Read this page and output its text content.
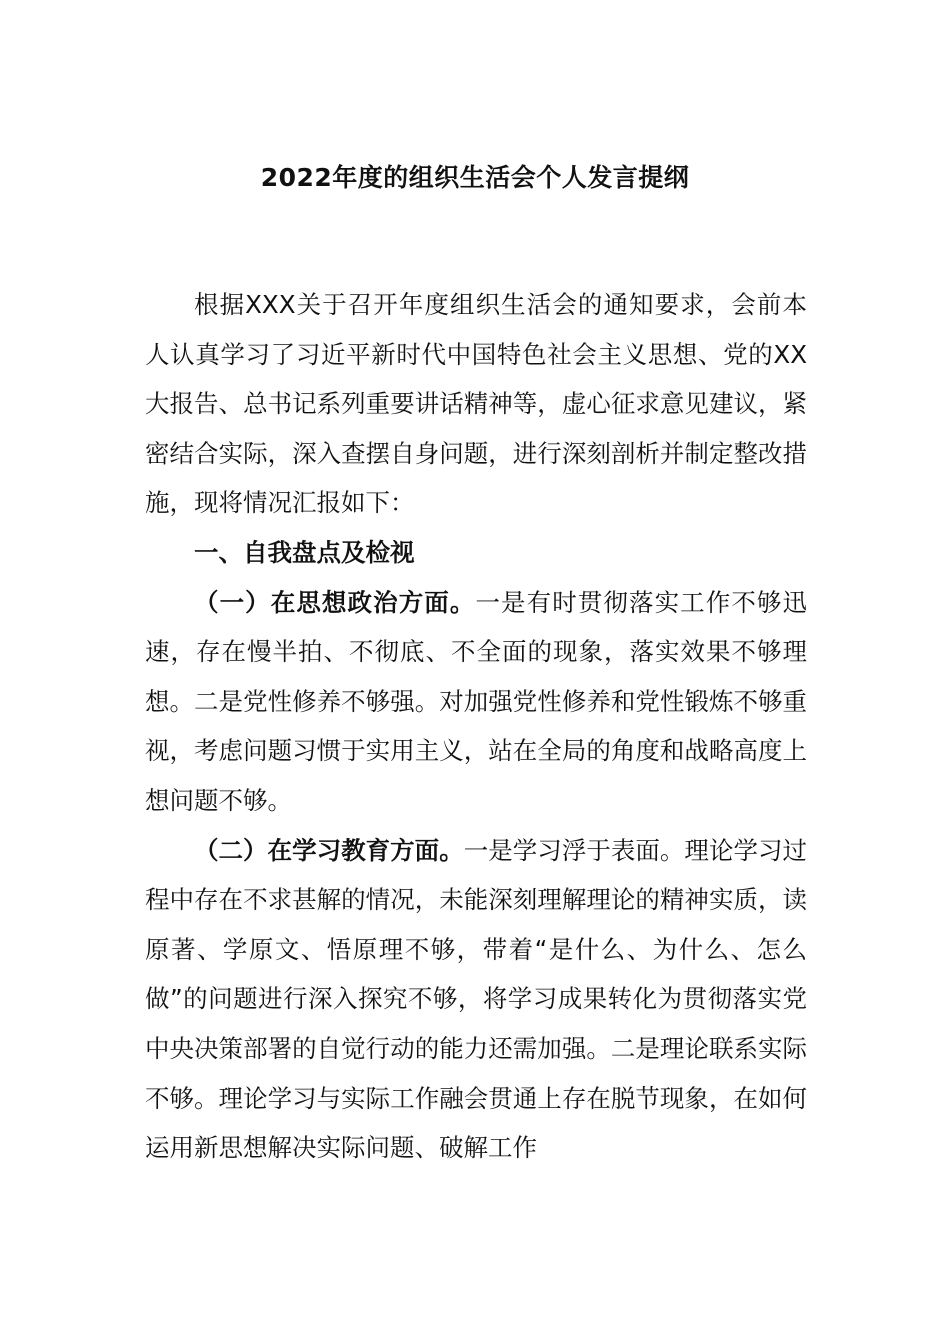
2022年度的组织生活会个人发言提纲

根据XXX关于召开年度组织生活会的通知要求，会前本人认真学习了习近平新时代中国特色社会主义思想、党的XX大报告、总书记系列重要讲话精神等，虚心征求意见建议，紧密结合实际，深入查摆自身问题，进行深刻剖析并制定整改措施，现将情况汇报如下：

一、自我盘点及检视

（一）在思想政治方面。一是有时贯彻落实工作不够迅速，存在慢半拍、不彻底、不全面的现象，落实效果不够理想。二是党性修养不够强。对加强党性修养和党性锻炼不够重视，考虑问题习惯于实用主义，站在全局的角度和战略高度上想问题不够。

（二）在学习教育方面。一是学习浮于表面。理论学习过程中存在不求甚解的情况，未能深刻理解理论的精神实质，读原著、学原文、悟原理不够，带着“是什么、为什么、怎么做”的问题进行深入探究不够，将学习成果转化为贯彻落实党中央决策部署的自觉行动的能力还需加强。二是理论联系实际不够。理论学习与实际工作融会贯通上存在脱节现象，在如何运用新思想解决实际问题、破解工作
